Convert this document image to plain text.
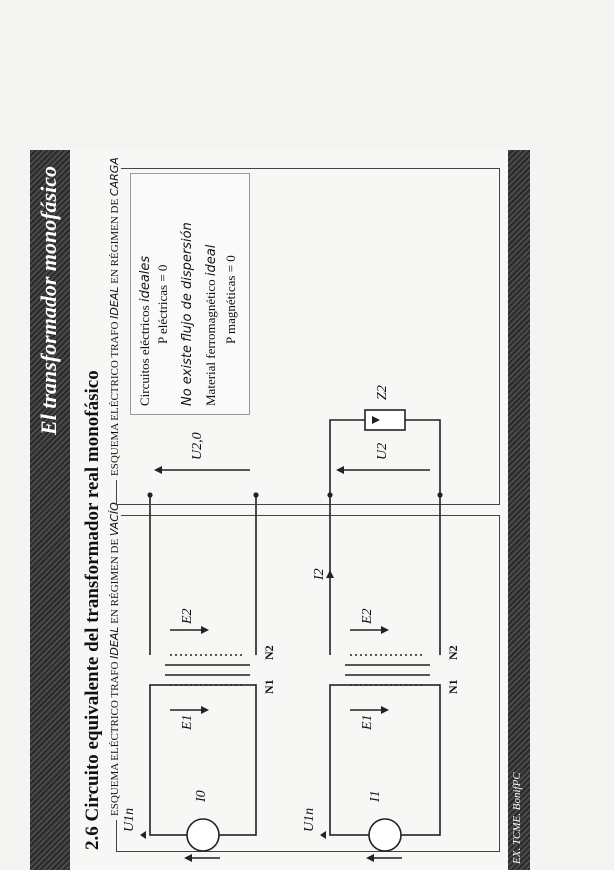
El transformador monofásico
2.6 Circuito equivalente del transformador real monofásico ESQUEMA ELÉCTRICO TRAFO IDEAL EN RÉGIMEN DE VACÍO
U1n
I0
E1
E2
N1
N2
U2,0
Circuitos eléctricos ideales P eléctricas = 0
No existe flujo de dispersión Material ferromagnético ideal P magnéticas = 0
ESQUEMA ELÉCTRICO TRAFO IDEAL EN RÉGIMEN DE CARGA
U1n
I1
E1
E2
N1
N2
I2
U2
Z2
EX. TCME. BonifPC
